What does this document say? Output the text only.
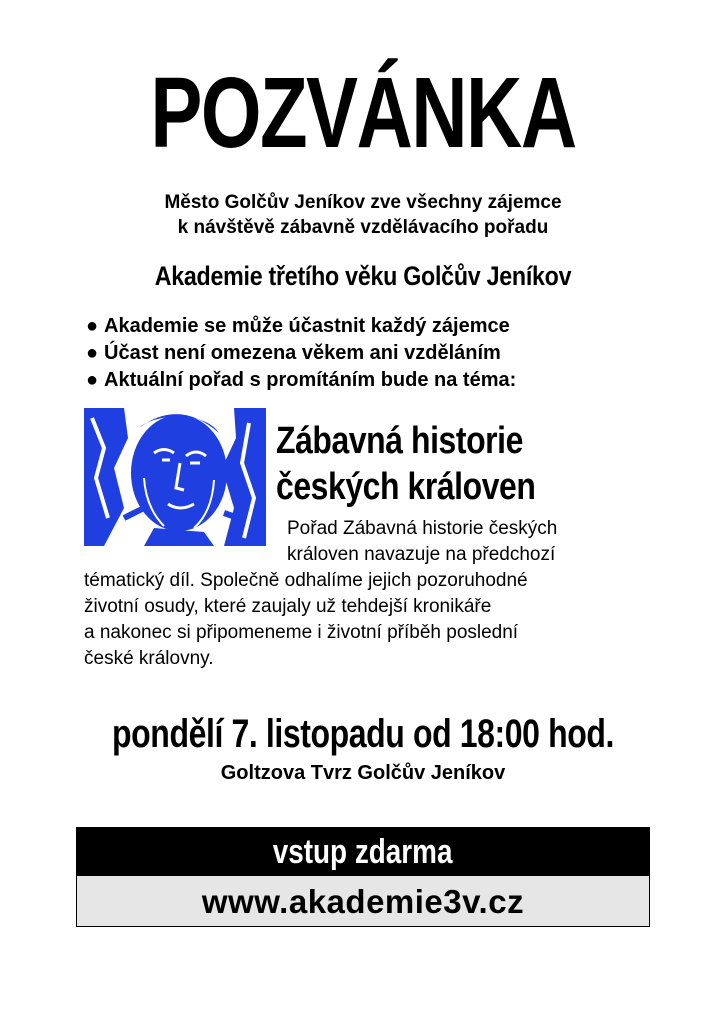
POZVÁNKA
Město Golčův Jeníkov zve všechny zájemce
k návštěvě zábavně vzdělávacího pořadu
Akademie třetího věku Golčův Jeníkov
● Akademie se může účastnit každý zájemce
● Účast není omezena věkem ani vzděláním
● Aktuální pořad s promítáním bude na téma:
Zábavná historie
českých královen
Pořad Zábavná historie českých
královen navazuje na předchozí
tématický díl. Společně odhalíme jejich pozoruhodné
životní osudy, které zaujaly už tehdejší kronikáře
a nakonec si připomeneme i životní příběh poslední
české královny.
pondělí 7. listopadu od 18:00 hod.
Goltzova Tvrz Golčův Jeníkov
vstup zdarma
www.akademie3v.cz
